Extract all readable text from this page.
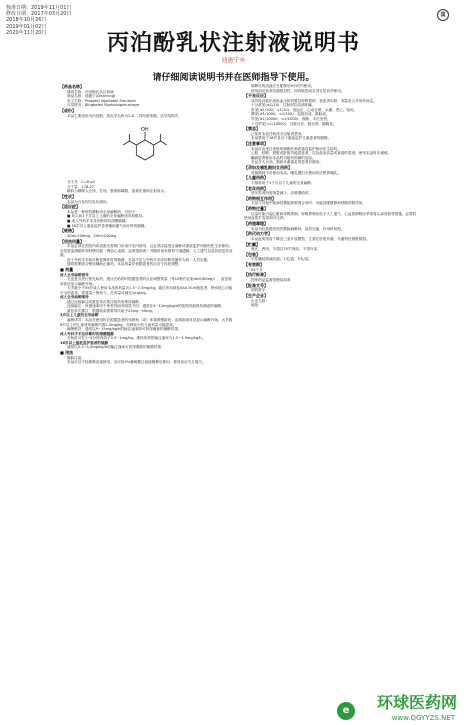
核准日期：2019年11月01日
修改日期：2017年03月20日
2018年10月26日
2019年01月02日
2020年11月20日
国
丙泊酚乳状注射液说明书
迪施宁®
请仔细阅读说明书并在医师指导下使用。
【药品名称】
通用名称：丙泊酚乳状注射液
商品名称：迪施宁(Dishining)
英文名称：Propofol Injectable Emulsion
汉语拼音：Bingbofen Ruzhuangzhusheye
【成份】
本品主要成份为丙泊酚，其化学名称为2,6-二异丙基苯酚。化学结构式：
OH
分子式：C₁₂H₁₈O
分子量：178.27
辅料为精制大豆油、甘油、蛋黄卵磷脂、氢氧化钠和注射用水。
【性状】
本品为白色均匀乳状液体。
【适应症】
本品是一种短效静脉用全身麻醉药，可用于：
■ 成人和1个月以上儿童的全身麻醉诱导和维持。
■ 成人外科手术及诊断时的清醒镇静。
■ 16岁以上重症监护患者辅助通气治疗时的镇静。
【规格】
10ml:200mg；20ml:100mg
【用法用量】
本品必须在医院内或设备完善的门诊治疗室内使用，且必须由接受过麻醉或重症监护训练的医生来使用。应经常监测循环和呼吸功能（例如心电图、血氧饱和度）并随时备有维持气道通畅、人工通气以及其他复苏设施。
用于外科手术和诊断性操作时的镇静，本品不应与外科手术或诊断性操作为同一人员实施。
通常需要联合使用辅助止痛药。本品剂量应根据患者的反应个体化调整。
■ 剂量
成人全身麻醉诱导
无论是否进行预先给药，建议在给药时根据患者的反应调整剂量（每10秒约注射4ml(40mg)），直至临床体征显示麻醉开始。
大多数小于55岁成人使用本品的剂量为1.5~2.5mg/kg。超过该年龄及ASA III-IV级患者，特别是心功能不全的患者，需要量一般较少，总剂量可减至1mg/kg。
成人全身麻醉维持
通过连续输注或重复单次推注给药来维持麻醉。
连续输注：所需速率因个体差异而有明显不同，通常在4~12mg/kg/h的范围内能保持满意的麻醉。
重复单次推注：根据临床需要每次给予25mg~50mg。
3岁以上儿童的全身麻醉
麻醉诱导：本品在使用时应根据患者的年龄和（或）体重缓慢给药，直到临床体征显示麻醉开始。大多数8岁以上的儿童诱导麻醉约需2.5mg/kg，年龄较小的儿童剂量可能更高。
麻醉维持：通常以9~15mg/kg/h的输注速率即可获得满意的麻醉效果。
成人外科手术及诊断时的清醒镇静
开始时可在1~5分钟内给予0.5~1mg/kg，维持所需的输注速率为1.5~4.5mg/kg/h。
16岁以上重症监护患者的镇静
通常以0.3~4.0mg/kg/h的输注速率可获得满意的镇静效果。
■ 用法
静脉注射。
本品可以不经稀释直接使用，也可用5%葡萄糖注射液稀释后使用。使用前应充分摇匀。
稀释后的溶液应在配制后6小时内使用。
使用前应检查容器密封性，如有破损或乳剂分层切勿使用。
【不良反应】
诱导时可能出现低血压和短暂性呼吸暂停，视患者年龄、剂量及合并用药而定。
十分常见(≥1/10)：注射部位局部疼痛。
常见(≥1/100，<1/10)：低血压、心动过缓、头痛、恶心、呕吐。
偶见(≥1/1000，<1/100)：血栓形成、静脉炎。
罕见(≥1/10000，<1/1000)：惊厥、术后发热。
十分罕见(<1/10000)：过敏反应、肺水肿、胰腺炎。
【禁忌】
已知对本品任何成分过敏者禁用。
本品禁用于16岁及以下重症监护儿童患者的镇静。
【注意事项】
本品应由受过训练的麻醉医师或重症监护病房医生给药。
心脏、呼吸、肾脏或肝脏功能损害者，以及低血容量或衰弱的患者，使用本品时应谨慎。
癫痫患者使用本品时可能有惊厥的危险。
本品含大豆油，脂肪代谢紊乱的患者应慎用。
【孕妇及哺乳期妇女用药】
妊娠期间不应使用本品。哺乳期妇女使用后应暂停哺乳。
【儿童用药】
不推荐用于1个月以下儿童的全身麻醉。
【老年用药】
老年患者所需剂量减少，应缓慢给药。
【药物相互作用】
本品与其他中枢神经系统抑制剂合用时，可能加强镇静和呼吸抑制作用。
【药物过量】
过量可能引起心脏和呼吸抑制。呼吸抑制应给予人工通气，心血管抑制应采取将头部放低等措施，必要时使用血浆扩容剂和升压药。
【药理毒理】
本品为烷基酚类短效静脉麻醉药，起效迅速，作用时间短。
【药代动力学】
本品血浆浓度下降呈三室开放模型。主要在肝脏代谢，代谢物经肾脏排泄。
【贮藏】
遮光，密闭，不超过25℃保存，不得冷冻。
【包装】
中性硼硅玻璃安瓿。1支/盒，5支/盒。
【有效期】
24个月
【执行标准】
国家药品监督管理局标准
【批准文号】
国药准字
【生产企业】
企业名称：
地址：
e	环球医药网
www.QGYYZS.NET
